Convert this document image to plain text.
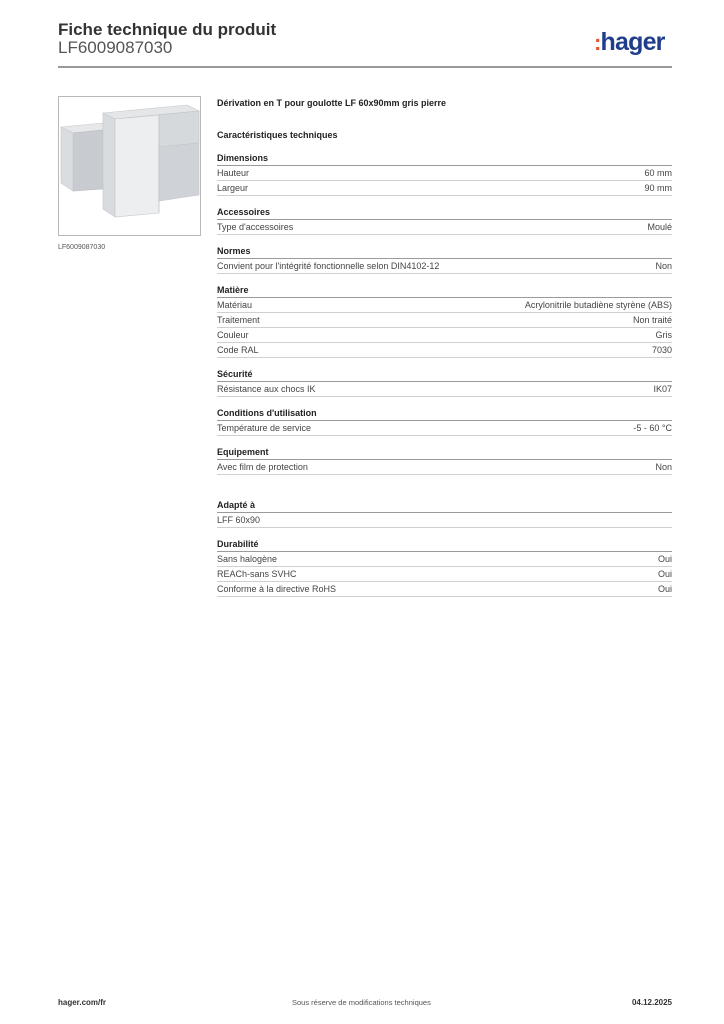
Fiche technique du produit
LF6009087030	:hager
LF6009087030
Dérivation en T pour goulotte LF 60x90mm gris pierre
Caractéristiques techniques
Dimensions
Hauteur	60 mm
Largeur	90 mm
Accessoires
Type d'accessoires	Moulé
Normes
Convient pour l'intégrité fonctionnelle selon DIN4102-12	Non
Matière
Matériau	Acrylonitrile butadiène styrène (ABS)
Traitement	Non traité
Couleur	Gris
Code RAL	7030
Sécurité
Résistance aux chocs IK	IK07
Conditions d'utilisation
Température de service	-5 - 60 °C
Equipement
Avec film de protection	Non
Adapté à
LFF 60x90
Durabilité
Sans halogène	Oui
REACh-sans SVHC	Oui
Conforme à la directive RoHS	Oui
hager.com/fr	Sous réserve de modifications techniques	04.12.2025
